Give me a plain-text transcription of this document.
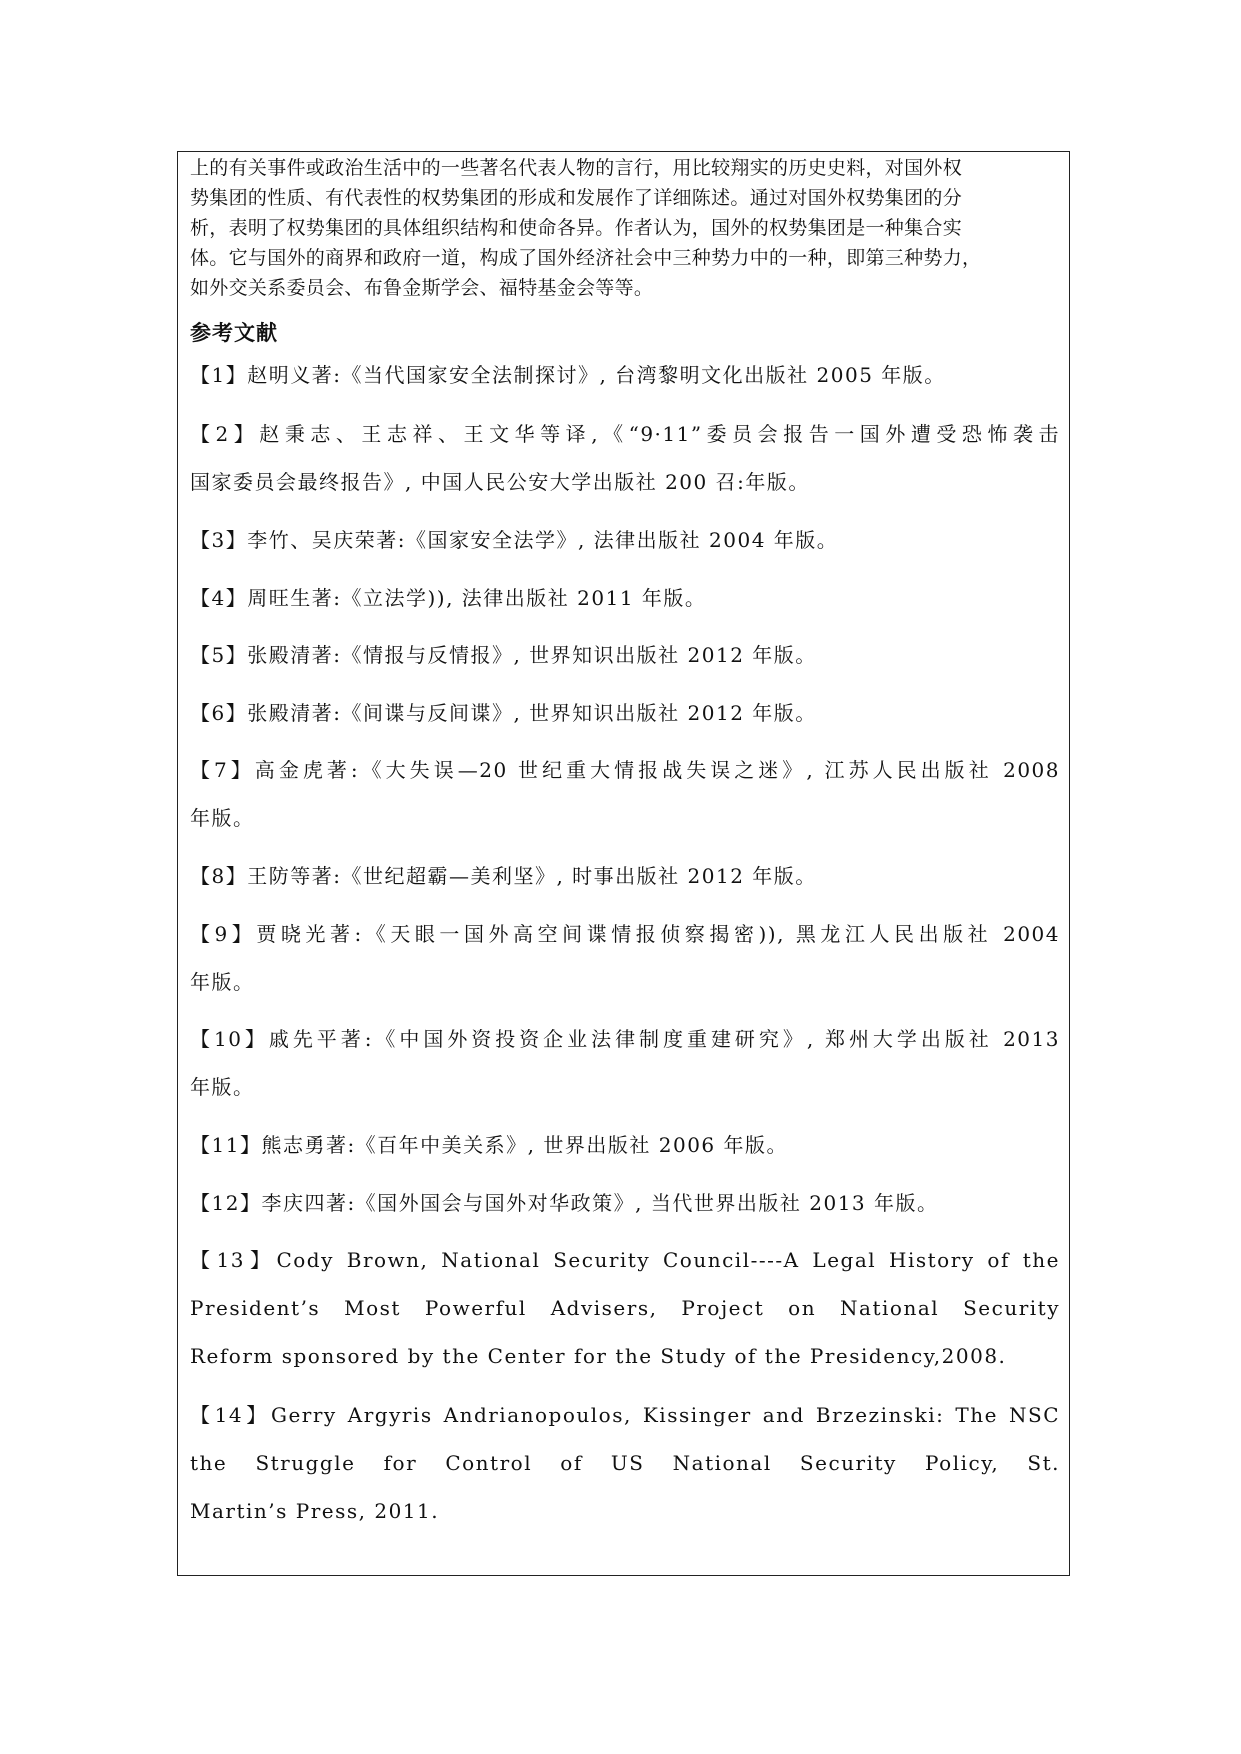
上的有关事件或政治生活中的一些著名代表人物的言行，用比较翔实的历史史料，对国外权
势集团的性质、有代表性的权势集团的形成和发展作了详细陈述。通过对国外权势集团的分
析，表明了权势集团的具体组织结构和使命各异。作者认为，国外的权势集团是一种集合实
体。它与国外的商界和政府一道，构成了国外经济社会中三种势力中的一种，即第三种势力，
如外交关系委员会、布鲁金斯学会、福特基金会等等。
参考文献
【1】赵明义著:《当代国家安全法制探讨》, 台湾黎明文化出版社 2005 年版。
【2】赵秉志、王志祥、王文华等译,《“9·11”委员会报告一国外遭受恐怖袭击
国家委员会最终报告》, 中国人民公安大学出版社 200 召:年版。
【3】李竹、吴庆荣著:《国家安全法学》, 法律出版社 2004 年版。
【4】周旺生著:《立法学)), 法律出版社 2011 年版。
【5】张殿清著:《情报与反情报》, 世界知识出版社 2012 年版。
【6】张殿清著:《间谍与反间谍》, 世界知识出版社 2012 年版。
【7】高金虎著:《大失误—20 世纪重大情报战失误之迷》, 江苏人民出版社 2008
年版。
【8】王防等著:《世纪超霸—美利坚》, 时事出版社 2012 年版。
【9】贾晓光著:《天眼一国外高空间谍情报侦察揭密)), 黑龙江人民出版社 2004
年版。
【10】戚先平著:《中国外资投资企业法律制度重建研究》, 郑州大学出版社 2013
年版。
【11】熊志勇著:《百年中美关系》, 世界出版社 2006 年版。
【12】李庆四著:《国外国会与国外对华政策》, 当代世界出版社 2013 年版。
【13】Cody Brown, National Security Council----A Legal History of the
President’s Most Powerful Advisers, Project on National Security
Reform sponsored by the Center for the Study of the Presidency,2008.
【14】Gerry Argyris Andrianopoulos, Kissinger and Brzezinski: The NSC
the Struggle for Control of US National Security Policy, St.
Martin’s Press, 2011.
